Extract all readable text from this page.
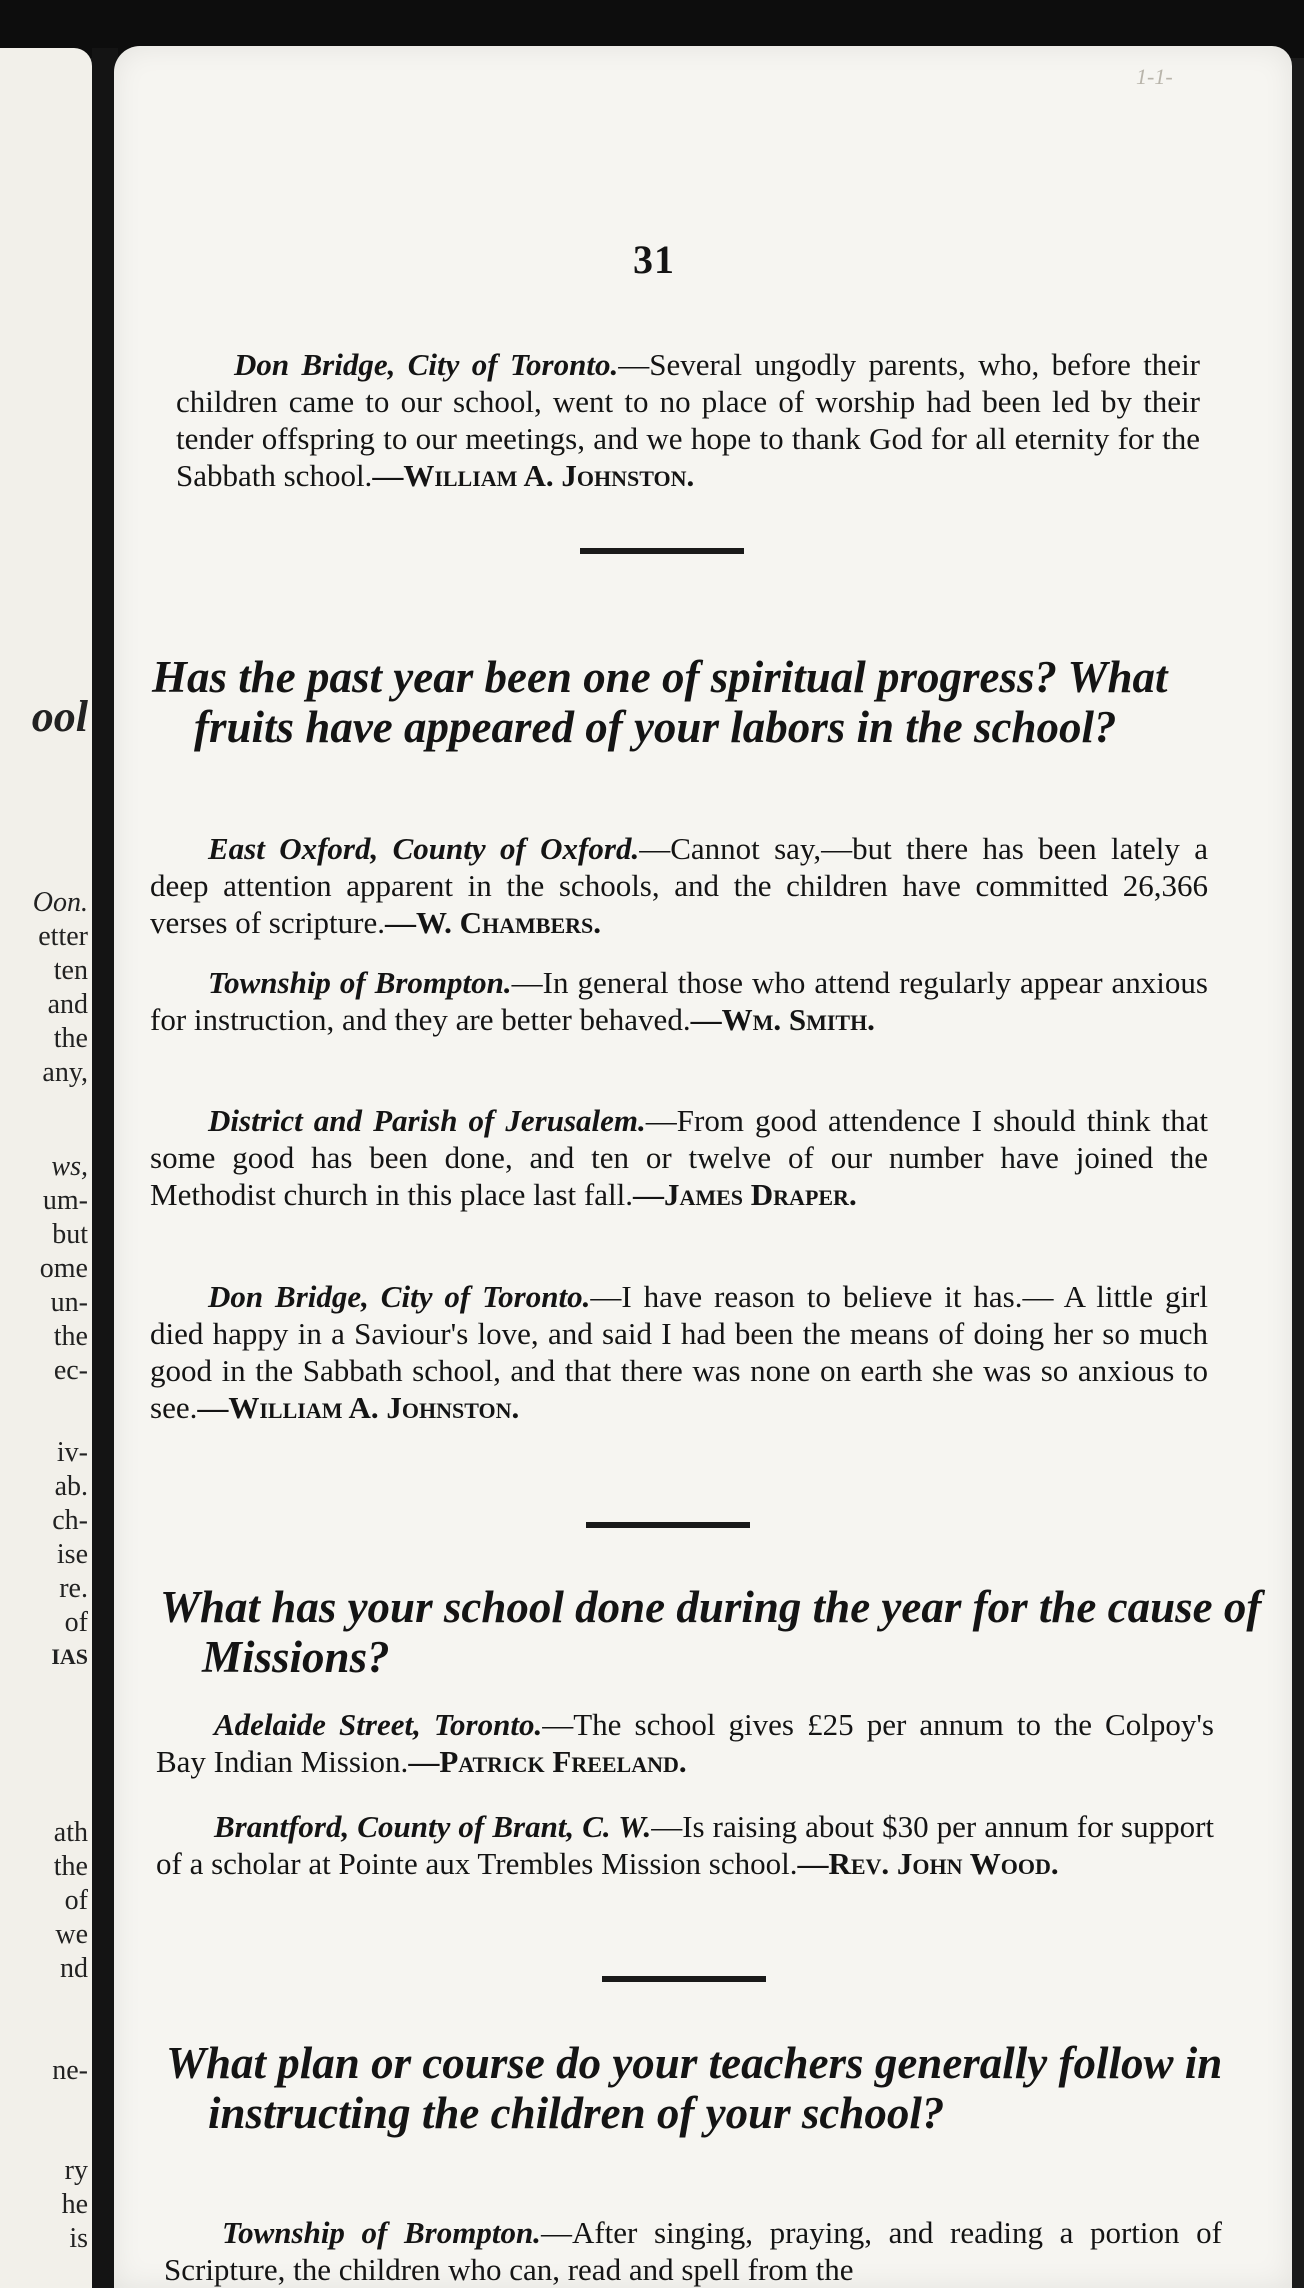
ool
Oon.
etter
ten
and
the
any,
ws,
um-
but
ome
un-
the
ec-
iv-
ab.
ch-
ise
re.
of
IAS
ath
the
of
we
nd
ne-
ry
he
is
1-1-
31
Don Bridge, City of Toronto.—Several ungodly parents, who, before their children came to our school, went to no place of worship had been led by their tender offspring to our meetings, and we hope to thank God for all eternity for the Sabbath school.—William A. Johnston.
Has the past year been one of spiritual progress? What fruits have appeared of your labors in the school?
East Oxford, County of Oxford.—Cannot say,—but there has been lately a deep attention apparent in the schools, and the children have committed 26,366 verses of scripture.—W. Chambers.
Township of Brompton.—In general those who attend regularly appear anxious for instruction, and they are better behaved.—Wm. Smith.
District and Parish of Jerusalem.—From good attendence I should think that some good has been done, and ten or twelve of our number have joined the Methodist church in this place last fall.—James Draper.
Don Bridge, City of Toronto.—I have reason to believe it has.— A little girl died happy in a Saviour's love, and said I had been the means of doing her so much good in the Sabbath school, and that there was none on earth she was so anxious to see.—William A. Johnston.
What has your school done during the year for the cause of Missions?
Adelaide Street, Toronto.—The school gives £25 per annum to the Colpoy's Bay Indian Mission.—Patrick Freeland.
Brantford, County of Brant, C. W.—Is raising about $30 per annum for support of a scholar at Pointe aux Trembles Mission school.—Rev. John Wood.
What plan or course do your teachers generally follow in instructing the children of your school?
Township of Brompton.—After singing, praying, and reading a portion of Scripture, the children who can, read and spell from the
